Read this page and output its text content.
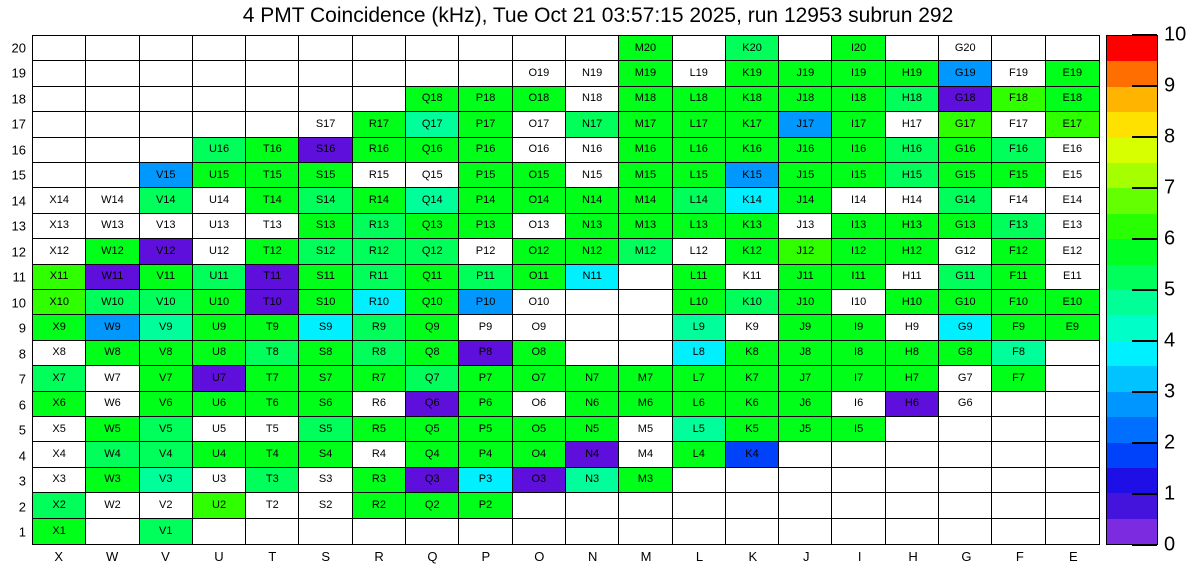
4 PMT Coincidence (kHz), Tue Oct 21 03:57:15 2025, run 12953 subrun 292
M20	K20	I20	G20
O19	N19	M19	L19	K19	J19	I19	H19	G19	F19	E19
Q18	P18	O18	N18	M18	L18	K18	J18	I18	H18	G18	F18	E18
S17	R17	Q17	P17	O17	N17	M17	L17	K17	J17	I17	H17	G17	F17	E17
U16	T16	S16	R16	Q16	P16	O16	N16	M16	L16	K16	J16	I16	H16	G16	F16	E16
V15	U15	T15	S15	R15	Q15	P15	O15	N15	M15	L15	K15	J15	I15	H15	G15	F15	E15
X14	W14	V14	U14	T14	S14	R14	Q14	P14	O14	N14	M14	L14	K14	J14	I14	H14	G14	F14	E14
X13	W13	V13	U13	T13	S13	R13	Q13	P13	O13	N13	M13	L13	K13	J13	I13	H13	G13	F13	E13
X12	W12	V12	U12	T12	S12	R12	Q12	P12	O12	N12	M12	L12	K12	J12	I12	H12	G12	F12	E12
X11	W11	V11	U11	T11	S11	R11	Q11	P11	O11	N11	L11	K11	J11	I11	H11	G11	F11	E11
X10	W10	V10	U10	T10	S10	R10	Q10	P10	O10	L10	K10	J10	I10	H10	G10	F10	E10
X9	W9	V9	U9	T9	S9	R9	Q9	P9	O9	L9	K9	J9	I9	H9	G9	F9	E9
X8	W8	V8	U8	T8	S8	R8	Q8	P8	O8	L8	K8	J8	I8	H8	G8	F8
X7	W7	V7	U7	T7	S7	R7	Q7	P7	O7	N7	M7	L7	K7	J7	I7	H7	G7	F7
X6	W6	V6	U6	T6	S6	R6	Q6	P6	O6	N6	M6	L6	K6	J6	I6	H6	G6
X5	W5	V5	U5	T5	S5	R5	Q5	P5	O5	N5	M5	L5	K5	J5	I5
X4	W4	V4	U4	T4	S4	R4	Q4	P4	O4	N4	M4	L4	K4
X3	W3	V3	U3	T3	S3	R3	Q3	P3	O3	N3	M3
X2	W2	V2	U2	T2	S2	R2	Q2	P2
X1	V1
20
19
18
17
16
15
14
13
12
11
10
9
8
7
6
5
4
3
2
1
X	W	V	U	T	S	R	Q	P	O	N	M	L	K	J	I	H	G	F	E
0
1
2
3
4
5
6
7
8
9
10
